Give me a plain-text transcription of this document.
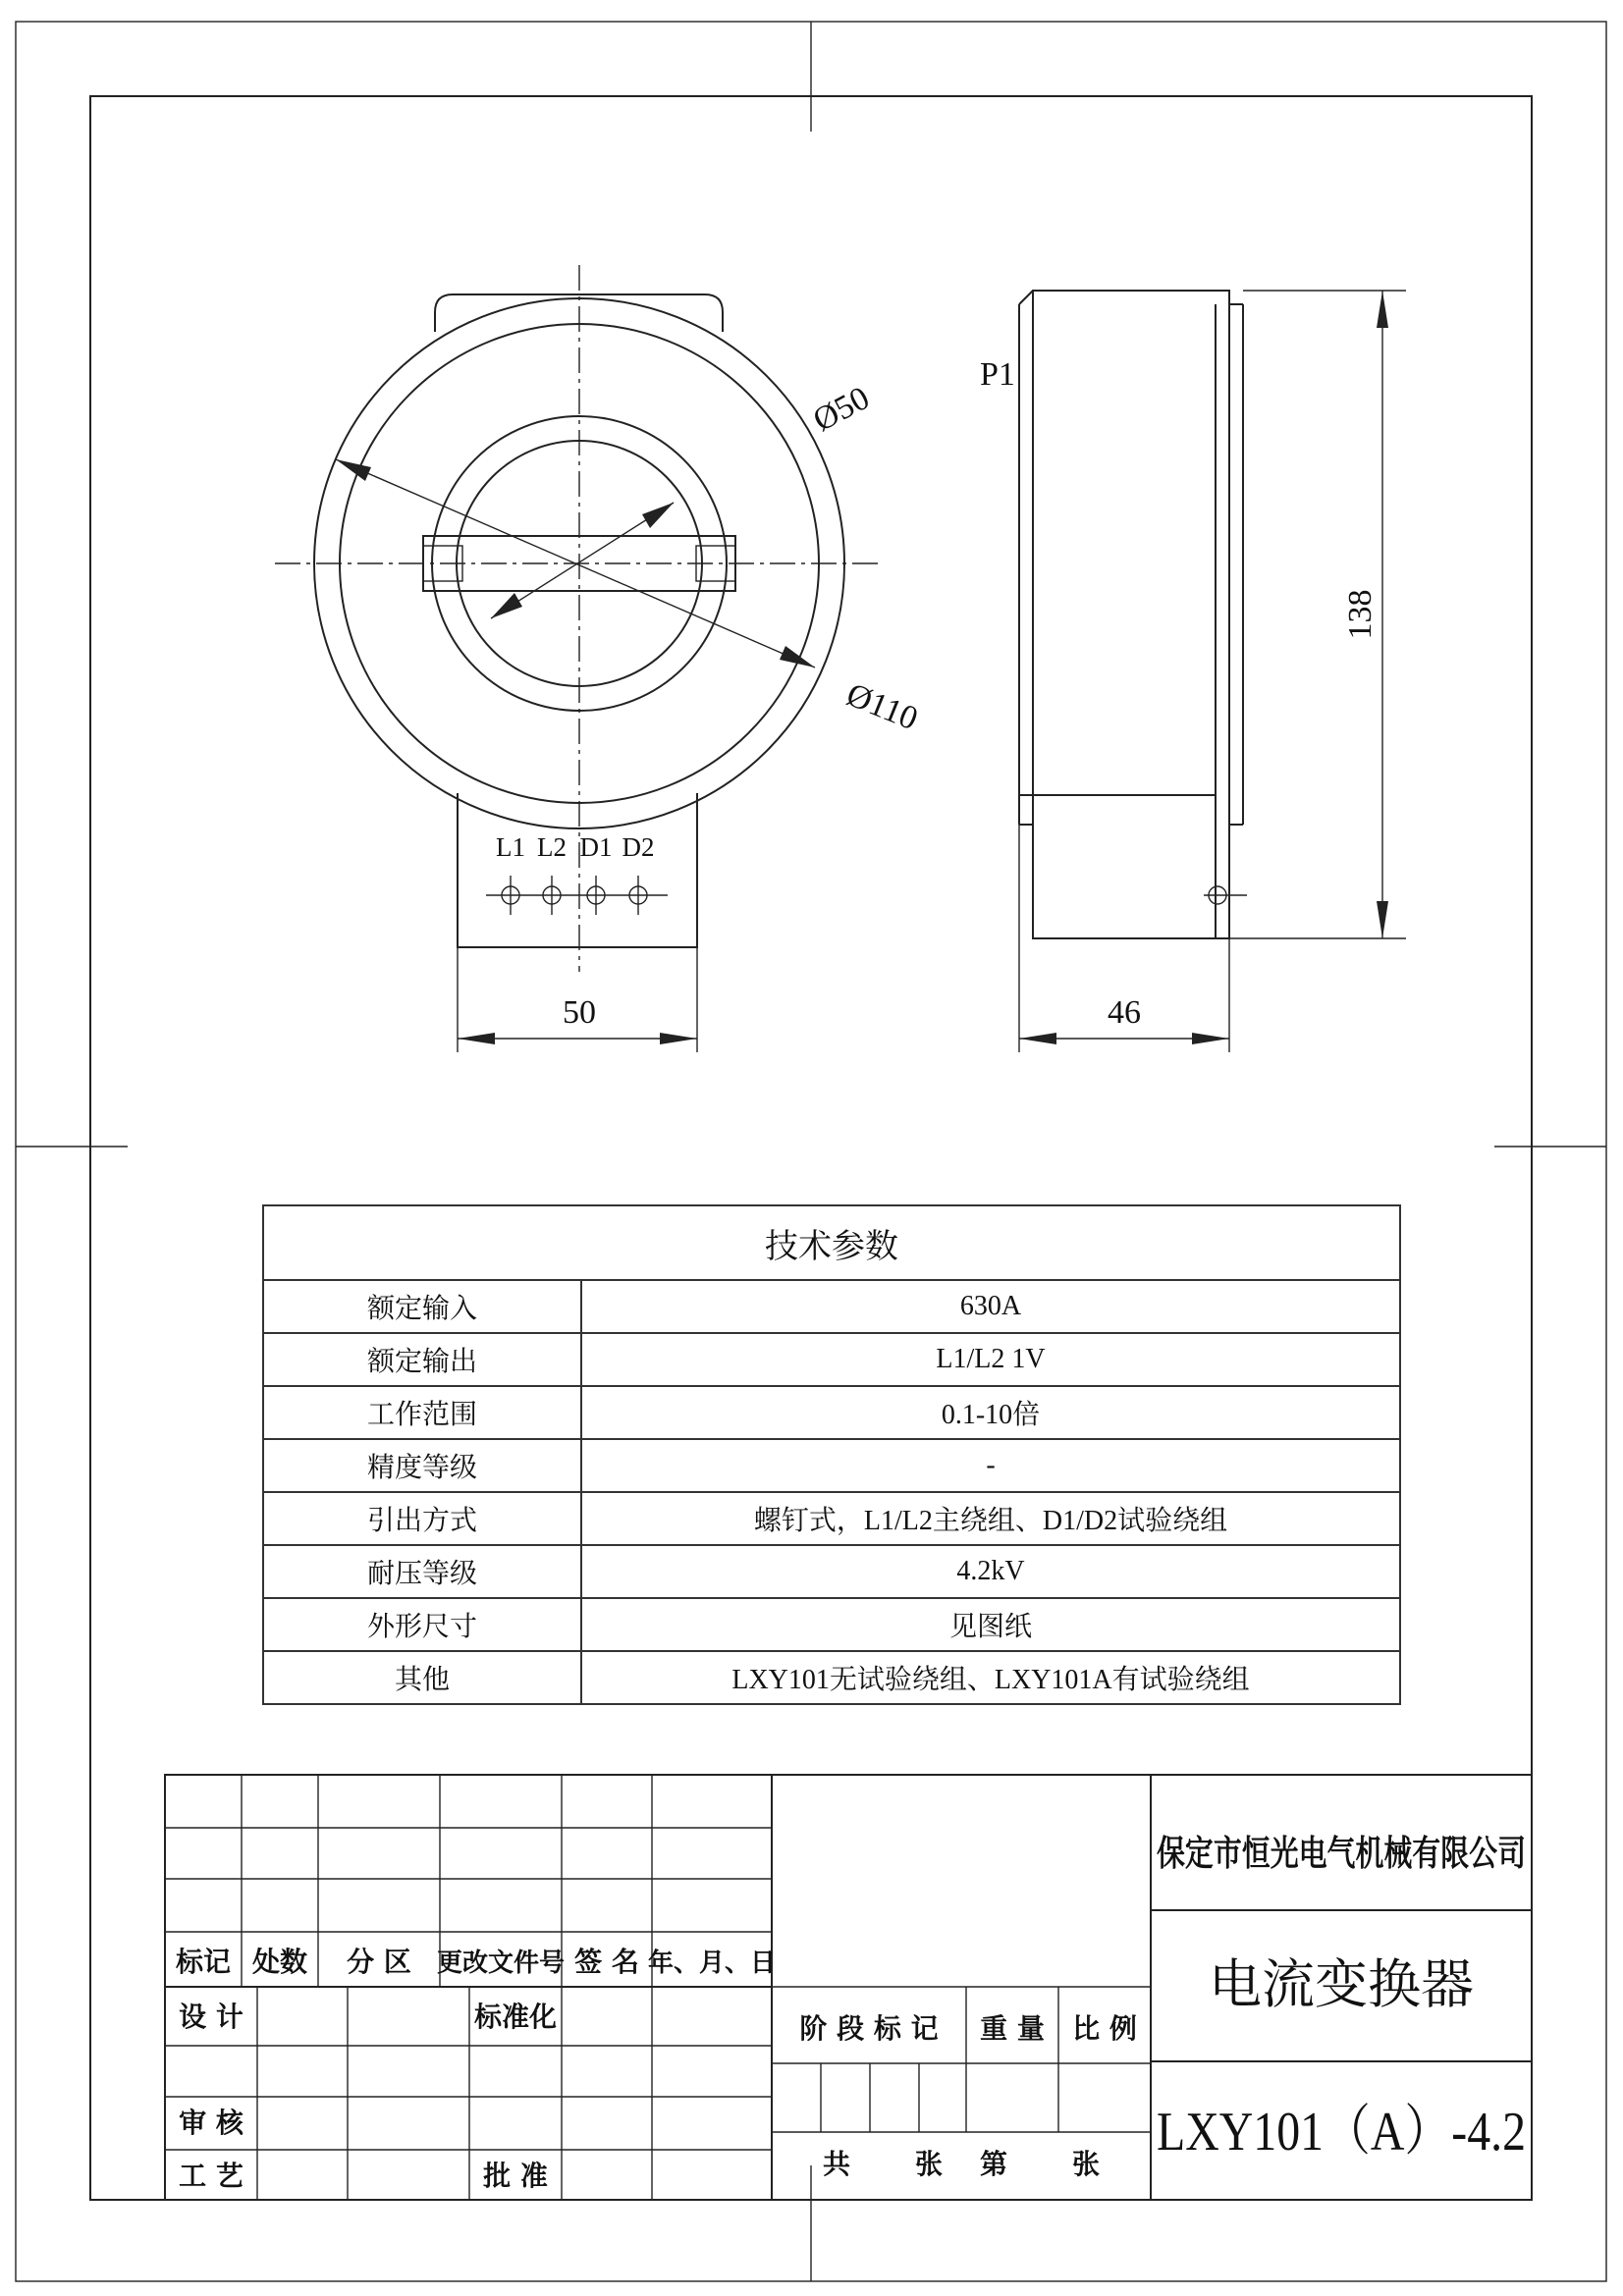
L1 L2 D1 D2
50
Ø110
Ø50
P1
138
46
标记 处数 分 区 更改文件号 签 名 年、月、日
设 计	标准化
审 核
工 艺	批 准
阶 段 标 记 重 量 比 例
共 张 第 张
保定市恒光电气机械有限公司
电流变换器
LXY101（A）-4.2
技术参数	
额定输入	630A
额定输出	L1/L2 1V
工作范围	0.1-10倍
精度等级	-
引出方式	螺钉式，L1/L2主绕组、D1/D2试验绕组
耐压等级	4.2kV
外形尺寸	见图纸
其他	LXY101无试验绕组、LXY101A有试验绕组
